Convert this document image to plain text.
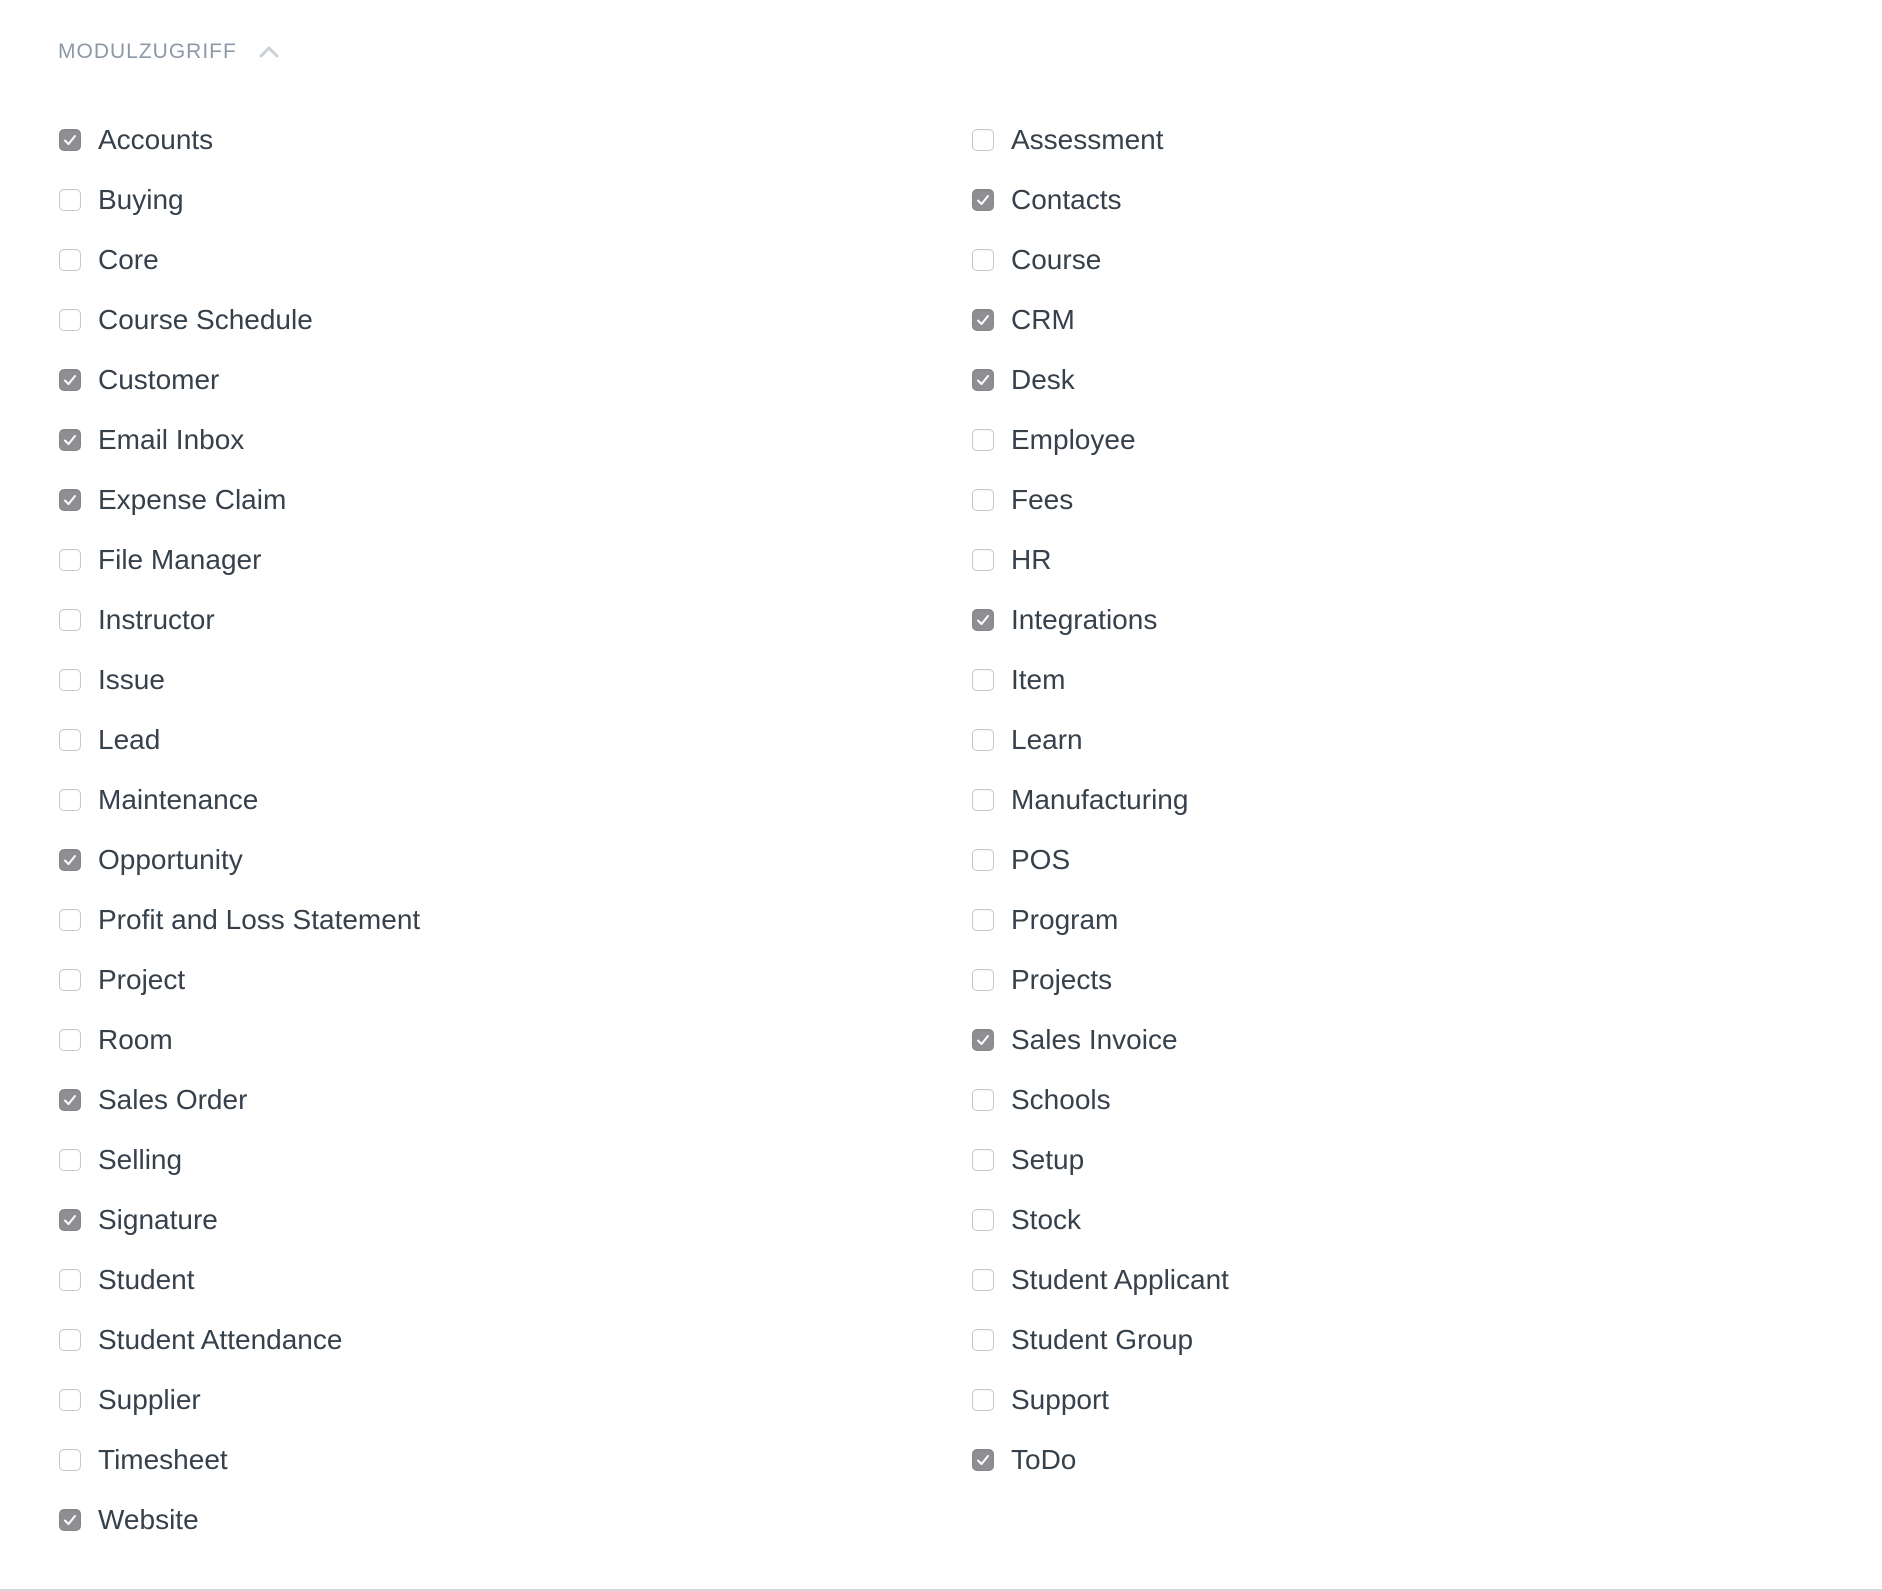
MODULZUGRIFF
Accounts
Buying
Core
Course Schedule
Customer
Email Inbox
Expense Claim
File Manager
Instructor
Issue
Lead
Maintenance
Opportunity
Profit and Loss Statement
Project
Room
Sales Order
Selling
Signature
Student
Student Attendance
Supplier
Timesheet
Website
Assessment
Contacts
Course
CRM
Desk
Employee
Fees
HR
Integrations
Item
Learn
Manufacturing
POS
Program
Projects
Sales Invoice
Schools
Setup
Stock
Student Applicant
Student Group
Support
ToDo
